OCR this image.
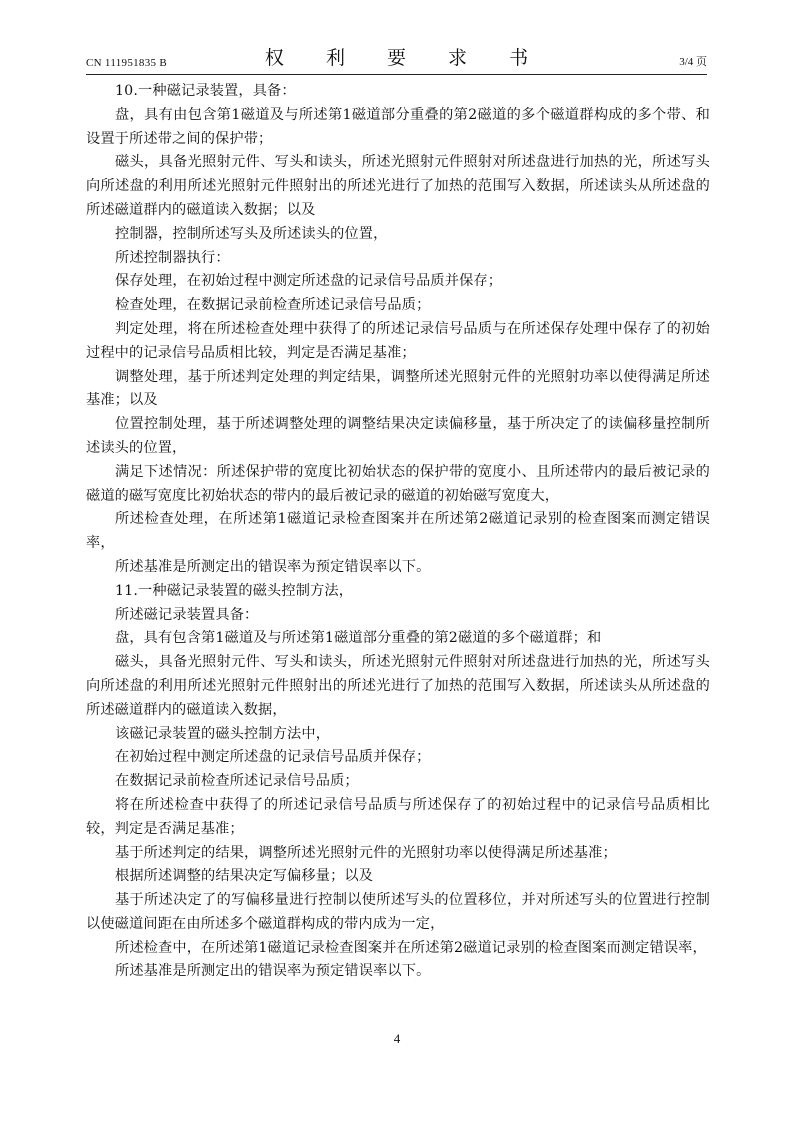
CN 111951835 B	权 利 要 求 书	3/4 页

10.一种磁记录装置，具备：

盘，具有由包含第1磁道及与所述第1磁道部分重叠的第2磁道的多个磁道群构成的多个带、和设置于所述带之间的保护带；

磁头，具备光照射元件、写头和读头，所述光照射元件照射对所述盘进行加热的光，所述写头向所述盘的利用所述光照射元件照射出的所述光进行了加热的范围写入数据，所述读头从所述盘的所述磁道群内的磁道读入数据；以及

控制器，控制所述写头及所述读头的位置，

所述控制器执行：

保存处理，在初始过程中测定所述盘的记录信号品质并保存；

检查处理，在数据记录前检查所述记录信号品质；

判定处理，将在所述检查处理中获得了的所述记录信号品质与在所述保存处理中保存了的初始过程中的记录信号品质相比较，判定是否满足基准；

调整处理，基于所述判定处理的判定结果，调整所述光照射元件的光照射功率以使得满足所述基准；以及

位置控制处理，基于所述调整处理的调整结果决定读偏移量，基于所决定了的读偏移量控制所述读头的位置，

满足下述情况：所述保护带的宽度比初始状态的保护带的宽度小、且所述带内的最后被记录的磁道的磁写宽度比初始状态的带内的最后被记录的磁道的初始磁写宽度大，

所述检查处理，在所述第1磁道记录检查图案并在所述第2磁道记录别的检查图案而测定错误率，

所述基准是所测定出的错误率为预定错误率以下。

11.一种磁记录装置的磁头控制方法，

所述磁记录装置具备：

盘，具有包含第1磁道及与所述第1磁道部分重叠的第2磁道的多个磁道群；和

磁头，具备光照射元件、写头和读头，所述光照射元件照射对所述盘进行加热的光，所述写头向所述盘的利用所述光照射元件照射出的所述光进行了加热的范围写入数据，所述读头从所述盘的所述磁道群内的磁道读入数据，

该磁记录装置的磁头控制方法中，

在初始过程中测定所述盘的记录信号品质并保存；

在数据记录前检查所述记录信号品质；

将在所述检查中获得了的所述记录信号品质与所述保存了的初始过程中的记录信号品质相比较，判定是否满足基准；

基于所述判定的结果，调整所述光照射元件的光照射功率以使得满足所述基准；

根据所述调整的结果决定写偏移量；以及

基于所述决定了的写偏移量进行控制以使所述写头的位置移位，并对所述写头的位置进行控制以使磁道间距在由所述多个磁道群构成的带内成为一定，

所述检查中，在所述第1磁道记录检查图案并在所述第2磁道记录别的检查图案而测定错误率，

所述基准是所测定出的错误率为预定错误率以下。

4
